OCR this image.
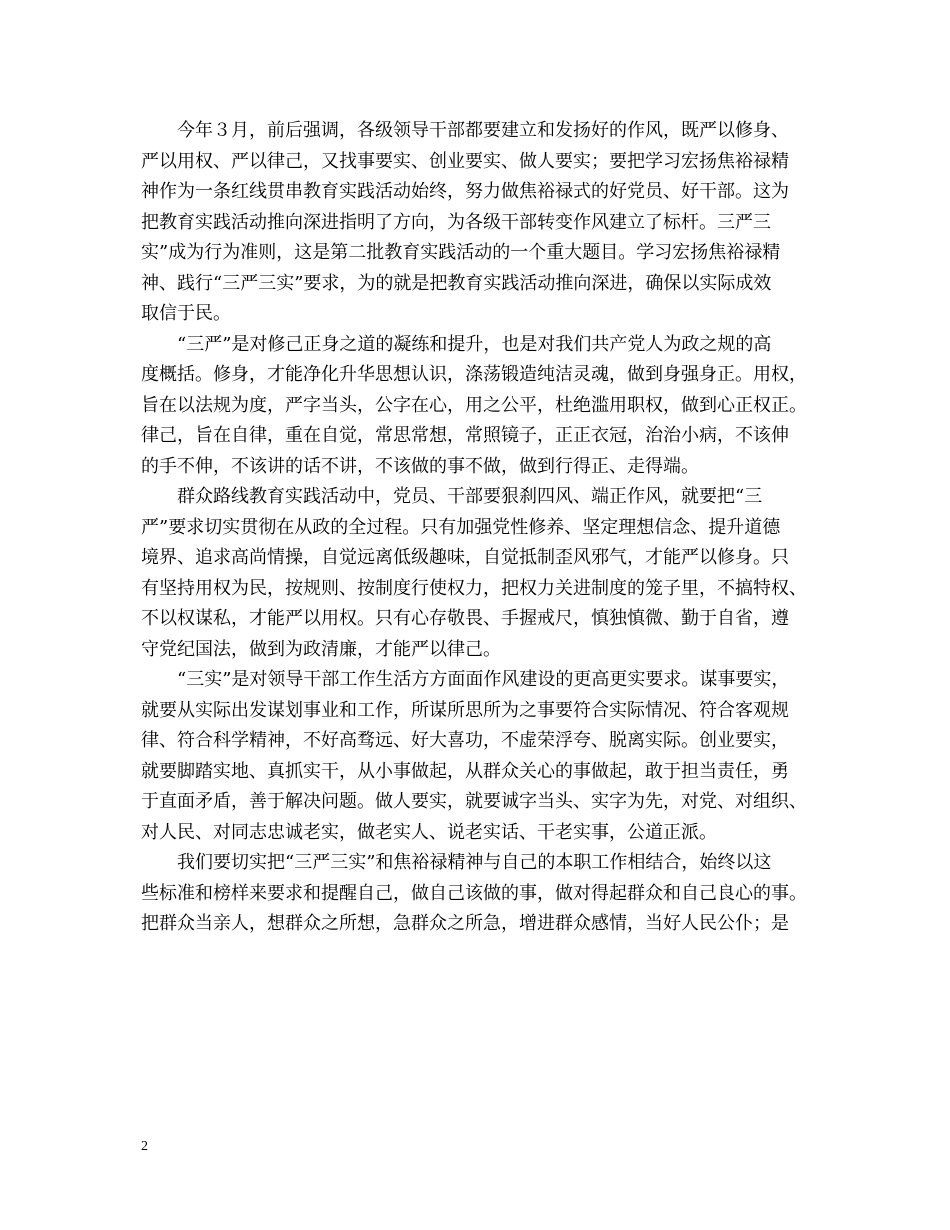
今年３月，前后强调，各级领导干部都要建立和发扬好的作风，既严以修身、
严以用权、严以律己，又找事要实、创业要实、做人要实；要把学习宏扬焦裕禄精
神作为一条红线贯串教育实践活动始终，努力做焦裕禄式的好党员、好干部。这为
把教育实践活动推向深进指明了方向，为各级干部转变作风建立了标杆。三严三
实”成为行为准则，这是第二批教育实践活动的一个重大题目。学习宏扬焦裕禄精
神、践行“三严三实”要求，为的就是把教育实践活动推向深进，确保以实际成效
取信于民。
“三严”是对修己正身之道的凝练和提升，也是对我们共产党人为政之规的高
度概括。修身，才能净化升华思想认识，涤荡锻造纯洁灵魂，做到身强身正。用权，
旨在以法规为度，严字当头，公字在心，用之公平，杜绝滥用职权，做到心正权正。
律己，旨在自律，重在自觉，常思常想，常照镜子，正正衣冠，治治小病，不该伸
的手不伸，不该讲的话不讲，不该做的事不做，做到行得正、走得端。
群众路线教育实践活动中，党员、干部要狠刹四风、端正作风，就要把“三
严”要求切实贯彻在从政的全过程。只有加强党性修养、坚定理想信念、提升道德
境界、追求高尚情操，自觉远离低级趣味，自觉抵制歪风邪气，才能严以修身。只
有坚持用权为民，按规则、按制度行使权力，把权力关进制度的笼子里，不搞特权、
不以权谋私，才能严以用权。只有心存敬畏、手握戒尺，慎独慎微、勤于自省，遵
守党纪国法，做到为政清廉，才能严以律己。
“三实”是对领导干部工作生活方方面面作风建设的更高更实要求。谋事要实，
就要从实际出发谋划事业和工作，所谋所思所为之事要符合实际情况、符合客观规
律、符合科学精神，不好高骛远、好大喜功，不虚荣浮夸、脱离实际。创业要实，
就要脚踏实地、真抓实干，从小事做起，从群众关心的事做起，敢于担当责任，勇
于直面矛盾，善于解决问题。做人要实，就要诚字当头、实字为先，对党、对组织、
对人民、对同志忠诚老实，做老实人、说老实话、干老实事，公道正派。
我们要切实把“三严三实”和焦裕禄精神与自己的本职工作相结合，始终以这
些标准和榜样来要求和提醒自己，做自己该做的事，做对得起群众和自己良心的事。
把群众当亲人，想群众之所想，急群众之所急，增进群众感情，当好人民公仆；是
2
